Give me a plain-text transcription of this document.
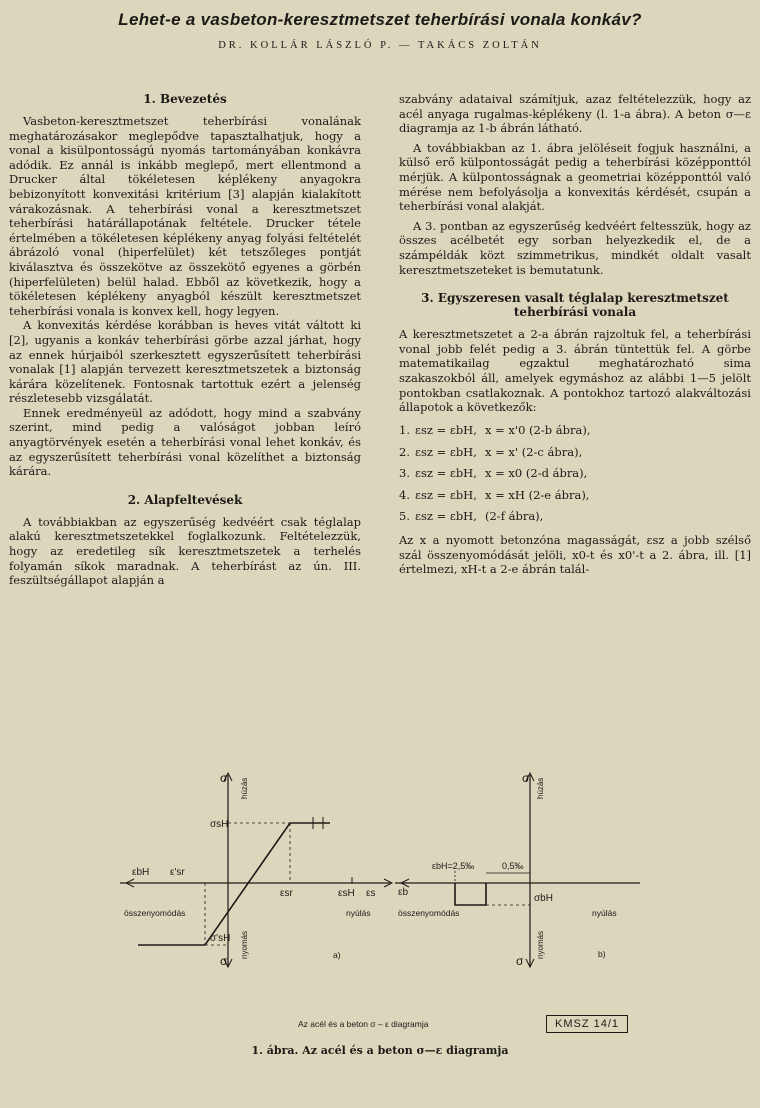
Lehet-e a vasbeton-keresztmetszet teherbírási vonala konkáv?
DR. KOLLÁR LÁSZLÓ P. — TAKÁCS ZOLTÁN
1. Bevezetés

Vasbeton-keresztmetszet teherbírási vonalának meghatározásakor meglepődve tapasztalhatjuk, hogy a vonal a kisülpontosságú nyomás tartományában konkávra adódik. Ez annál is inkább meglepő, mert ellentmond a Drucker által tökéletesen képlékeny anyagokra bebizonyított konvexitási kritérium [3] alapján kialakított várakozásnak. A teherbírási vonal a keresztmetszet teherbírási határállapotának feltétele. Drucker tétele értelmében a tökéletesen képlékeny anyag folyási feltételét ábrázoló vonal (hiperfelület) két tetszőleges pontját kiválasztva és összekötve az összekötő egyenes a görbén (hiperfelületen) belül halad. Ebből az következik, hogy a tökéletesen képlékeny anyagból készült keresztmetszet teherbírási vonala is konvex kell, hogy legyen.

A konvexitás kérdése korábban is heves vitát váltott ki [2], ugyanis a konkáv teherbírási görbe azzal járhat, hogy az ennek húrjaiból szerkesztett egyszerűsített teherbírási vonalak [1] alapján tervezett keresztmetszetek a biztonság kárára közelítenek. Fontosnak tartottuk ezért a jelenség részletesebb vizsgálatát.

Ennek eredményeül az adódott, hogy mind a szabvány szerint, mind pedig a valóságot jobban leíró anyagtörvények esetén a teherbírási vonal lehet konkáv, és az egyszerűsített teherbírási vonal közelíthet a biztonság kárára.

2. Alapfeltevések

A továbbiakban az egyszerűség kedvéért csak téglalap alakú keresztmetszetekkel foglalkozunk. Feltételezzük, hogy az eredetileg sík keresztmetszetek a terhelés folyamán síkok maradnak. A teherbírást az ún. III. feszültségállapot alapján a

szabvány adataival számítjuk, azaz feltételezzük, hogy az acél anyaga rugalmas-képlékeny (l. 1-a ábra). A beton σ—ε diagramja az 1-b ábrán látható.

A továbbiakban az 1. ábra jelöléseit fogjuk használni, a külső erő külpontosságát pedig a teherbírási középponttól mérjük. A külpontosságnak a geometriai középponttól való mérése nem befolyásolja a konvexitás kérdését, csupán a teherbírási vonal alakját.

A 3. pontban az egyszerűség kedvéért feltesszük, hogy az összes acélbetét egy sorban helyezkedik el, de a számpéldák közt szimmetrikus, mindkét oldalt vasalt keresztmetszeteket is bemutatunk.

3. Egyszeresen vasalt téglalap keresztmetszet teherbírási vonala

A keresztmetszetet a 2-a ábrán rajzoltuk fel, a teherbírási vonal jobb felét pedig a 3. ábrán tüntettük fel. A görbe matematikailag egzaktul meghatározható sima szakaszokból áll, amelyek egymáshoz az alábbi 1—5 jelölt pontokban csatlakoznak. A pontokhoz tartozó alakváltozási állapotok a következők:

1. εsz = εbH, x = x'0 (2-b ábra),
2. εsz = εbH, x = x' (2-c ábra),
3. εsz = εbH, x = x0 (2-d ábra),
4. εsz = εbH, x = xH (2-e ábra),
5. εsz = εbH, (2-f ábra),

Az x a nyomott betonzóna magasságát, εsz a jobb szélső szál összenyomódását jelöli, x0-t és x0'-t a 2. ábra, ill. [1] értelmezi, xH-t a 2-e ábrán talál-

σ
σ
húzás
nyomás
σsH
σ'sH
εbH ε'sr
εsr	εsH εs
összenyomódás	nyúlás
a)
σ
σ
húzás
nyomás
εb
εbH=2,5‰	0,5‰
σbH
összenyomódás	nyúlás
b)
Az acél és a beton σ – ε diagramja	KMSZ 14/1
1. ábra. Az acél és a beton σ—ε diagramja
